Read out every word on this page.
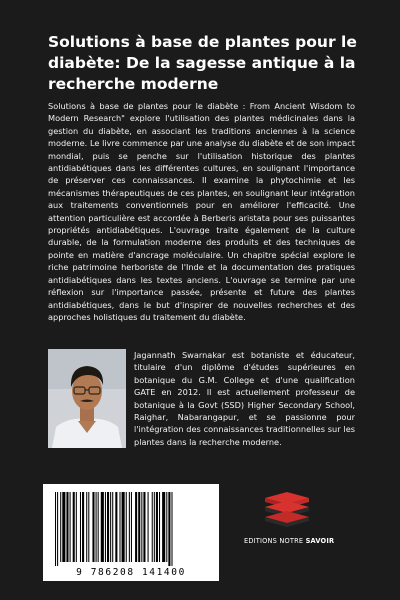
Solutions à base de plantes pour le diabète: De la sagesse antique à la recherche moderne

Solutions à base de plantes pour le diabète : From Ancient Wisdom to Modern Research" explore l'utilisation des plantes médicinales dans la gestion du diabète, en associant les traditions anciennes à la science moderne. Le livre commence par une analyse du diabète et de son impact mondial, puis se penche sur l'utilisation historique des plantes antidiabétiques dans les différentes cultures, en soulignant l'importance de préserver ces connaissances. Il examine la phytochimie et les mécanismes thérapeutiques de ces plantes, en soulignant leur intégration aux traitements conventionnels pour en améliorer l'efficacité. Une attention particulière est accordée à Berberis aristata pour ses puissantes propriétés antidiabétiques. L'ouvrage traite également de la culture durable, de la formulation moderne des produits et des techniques de pointe en matière d'ancrage moléculaire. Un chapitre spécial explore le riche patrimoine herboriste de l'Inde et la documentation des pratiques antidiabétiques dans les textes anciens. L'ouvrage se termine par une réflexion sur l'importance passée, présente et future des plantes antidiabétiques, dans le but d'inspirer de nouvelles recherches et des approches holistiques du traitement du diabète.

Jagannath Swarnakar est botaniste et éducateur, titulaire d'un diplôme d'études supérieures en botanique du G.M. College et d'une qualification GATE en 2012. Il est actuellement professeur de botanique à la Govt (SSD) Higher Secondary School, Raighar, Nabarangapur, et se passionne pour l'intégration des connaissances traditionnelles sur les plantes dans la recherche moderne.

9 786208 141400
EDITIONS NOTRE SAVOIR
